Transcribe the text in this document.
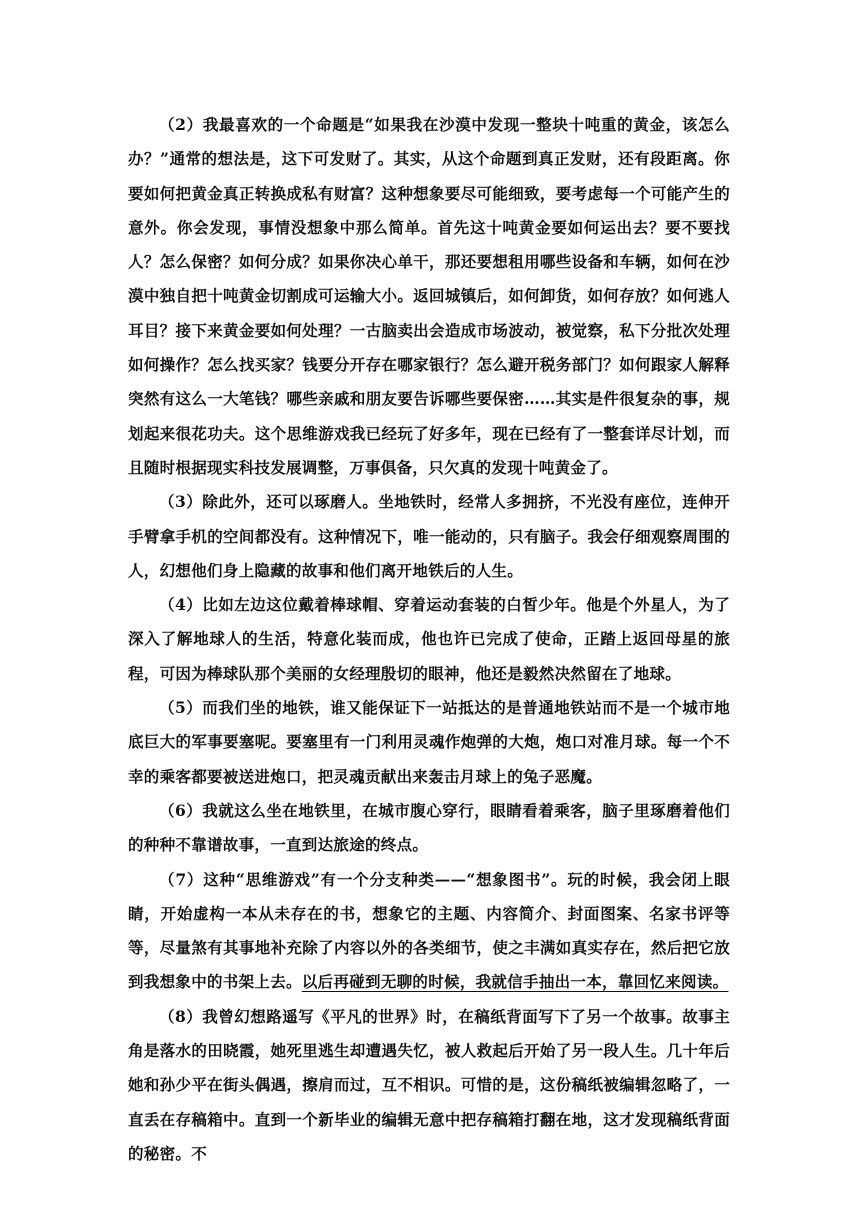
（2）我最喜欢的一个命题是“如果我在沙漠中发现一整块十吨重的黄金，该怎么办？”通常的想法是，这下可发财了。其实，从这个命题到真正发财，还有段距离。你要如何把黄金真正转换成私有财富？这种想象要尽可能细致，要考虑每一个可能产生的意外。你会发现，事情没想象中那么简单。首先这十吨黄金要如何运出去？要不要找人？怎么保密？如何分成？如果你决心单干，那还要想租用哪些设备和车辆，如何在沙漠中独自把十吨黄金切割成可运输大小。返回城镇后，如何卸货，如何存放？如何逃人耳目？接下来黄金要如何处理？一古脑卖出会造成市场波动，被觉察，私下分批次处理如何操作？怎么找买家？钱要分开存在哪家银行？怎么避开税务部门？如何跟家人解释突然有这么一大笔钱？哪些亲戚和朋友要告诉哪些要保密……其实是件很复杂的事，规划起来很花功夫。这个思维游戏我已经玩了好多年，现在已经有了一整套详尽计划，而且随时根据现实科技发展调整，万事俱备，只欠真的发现十吨黄金了。

（3）除此外，还可以琢磨人。坐地铁时，经常人多拥挤，不光没有座位，连伸开手臂拿手机的空间都没有。这种情况下，唯一能动的，只有脑子。我会仔细观察周围的人，幻想他们身上隐藏的故事和他们离开地铁后的人生。

（4）比如左边这位戴着棒球帽、穿着运动套装的白皙少年。他是个外星人，为了深入了解地球人的生活，特意化装而成，他也许已完成了使命，正踏上返回母星的旅程，可因为棒球队那个美丽的女经理殷切的眼神，他还是毅然决然留在了地球。

（5）而我们坐的地铁，谁又能保证下一站抵达的是普通地铁站而不是一个城市地底巨大的军事要塞呢。要塞里有一门利用灵魂作炮弹的大炮，炮口对准月球。每一个不幸的乘客都要被送进炮口，把灵魂贡献出来轰击月球上的兔子恶魔。

（6）我就这么坐在地铁里，在城市腹心穿行，眼睛看着乘客，脑子里琢磨着他们的种种不靠谱故事，一直到达旅途的终点。

（7）这种“思维游戏”有一个分支种类——“想象图书”。玩的时候，我会闭上眼睛，开始虚构一本从未存在的书，想象它的主题、内容简介、封面图案、名家书评等等，尽量煞有其事地补充除了内容以外的各类细节，使之丰满如真实存在，然后把它放到我想象中的书架上去。以后再碰到无聊的时候，我就信手抽出一本，靠回忆来阅读。

（8）我曾幻想路遥写《平凡的世界》时，在稿纸背面写下了另一个故事。故事主角是落水的田晓霞，她死里逃生却遭遇失忆，被人救起后开始了另一段人生。几十年后她和孙少平在街头偶遇，擦肩而过，互不相识。可惜的是，这份稿纸被编辑忽略了，一直丢在存稿箱中。直到一个新毕业的编辑无意中把存稿箱打翻在地，这才发现稿纸背面的秘密。不
